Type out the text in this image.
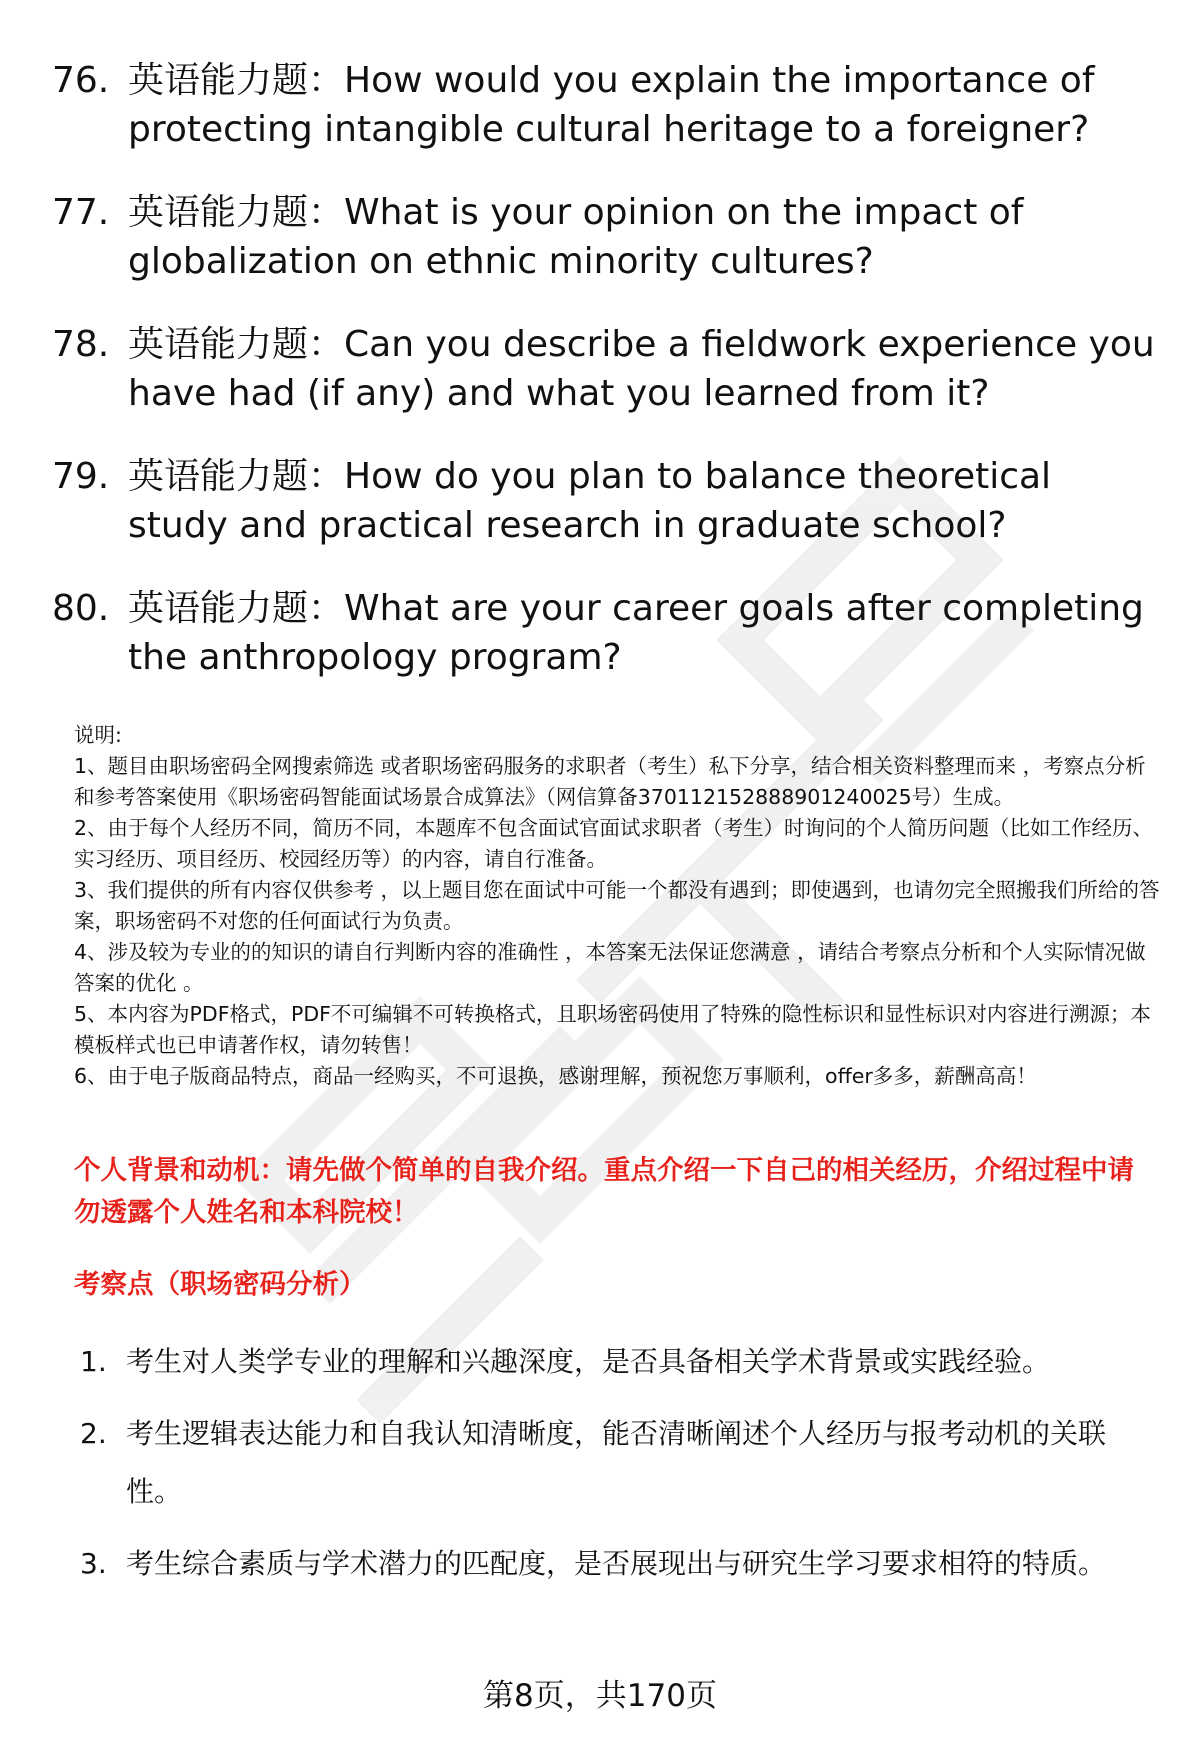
76. 英语能力题：How would you explain the importance of protecting intangible cultural heritage to a foreigner?
77. 英语能力题：What is your opinion on the impact of globalization on ethnic minority cultures?
78. 英语能力题：Can you describe a fieldwork experience you have had (if any) and what you learned from it?
79. 英语能力题：How do you plan to balance theoretical study and practical research in graduate school?
80. 英语能力题：What are your career goals after completing the anthropology program?

说明:

1、题目由职场密码全网搜索筛选 或者职场密码服务的求职者（考生）私下分享，结合相关资料整理而来 ，考察点分析和参考答案使用《职场密码智能面试场景合成算法》（网信算备370112152888901240025号）生成。

2、由于每个人经历不同，简历不同，本题库不包含面试官面试求职者（考生）时询问的个人简历问题（比如工作经历、实习经历、项目经历、校园经历等）的内容，请自行准备。

3、我们提供的所有内容仅供参考 ，以上题目您在面试中可能一个都没有遇到；即使遇到，也请勿完全照搬我们所给的答案，职场密码不对您的任何面试行为负责。

4、涉及较为专业的的知识的请自行判断内容的准确性 ，本答案无法保证您满意 ，请结合考察点分析和个人实际情况做答案的优化 。

5、本内容为PDF格式，PDF不可编辑不可转换格式，且职场密码使用了特殊的隐性标识和显性标识对内容进行溯源；本模板样式也已申请著作权，请勿转售！

6、由于电子版商品特点，商品一经购买，不可退换，感谢理解，预祝您万事顺利，offer多多，薪酬高高！

个人背景和动机：请先做个简单的自我介绍。重点介绍一下自己的相关经历，介绍过程中请勿透露个人姓名和本科院校！
考察点（职场密码分析）
1. 考生对人类学专业的理解和兴趣深度，是否具备相关学术背景或实践经验。
2. 考生逻辑表达能力和自我认知清晰度，能否清晰阐述个人经历与报考动机的关联性。
3. 考生综合素质与学术潜力的匹配度，是否展现出与研究生学习要求相符的特质。
第8页，共170页
